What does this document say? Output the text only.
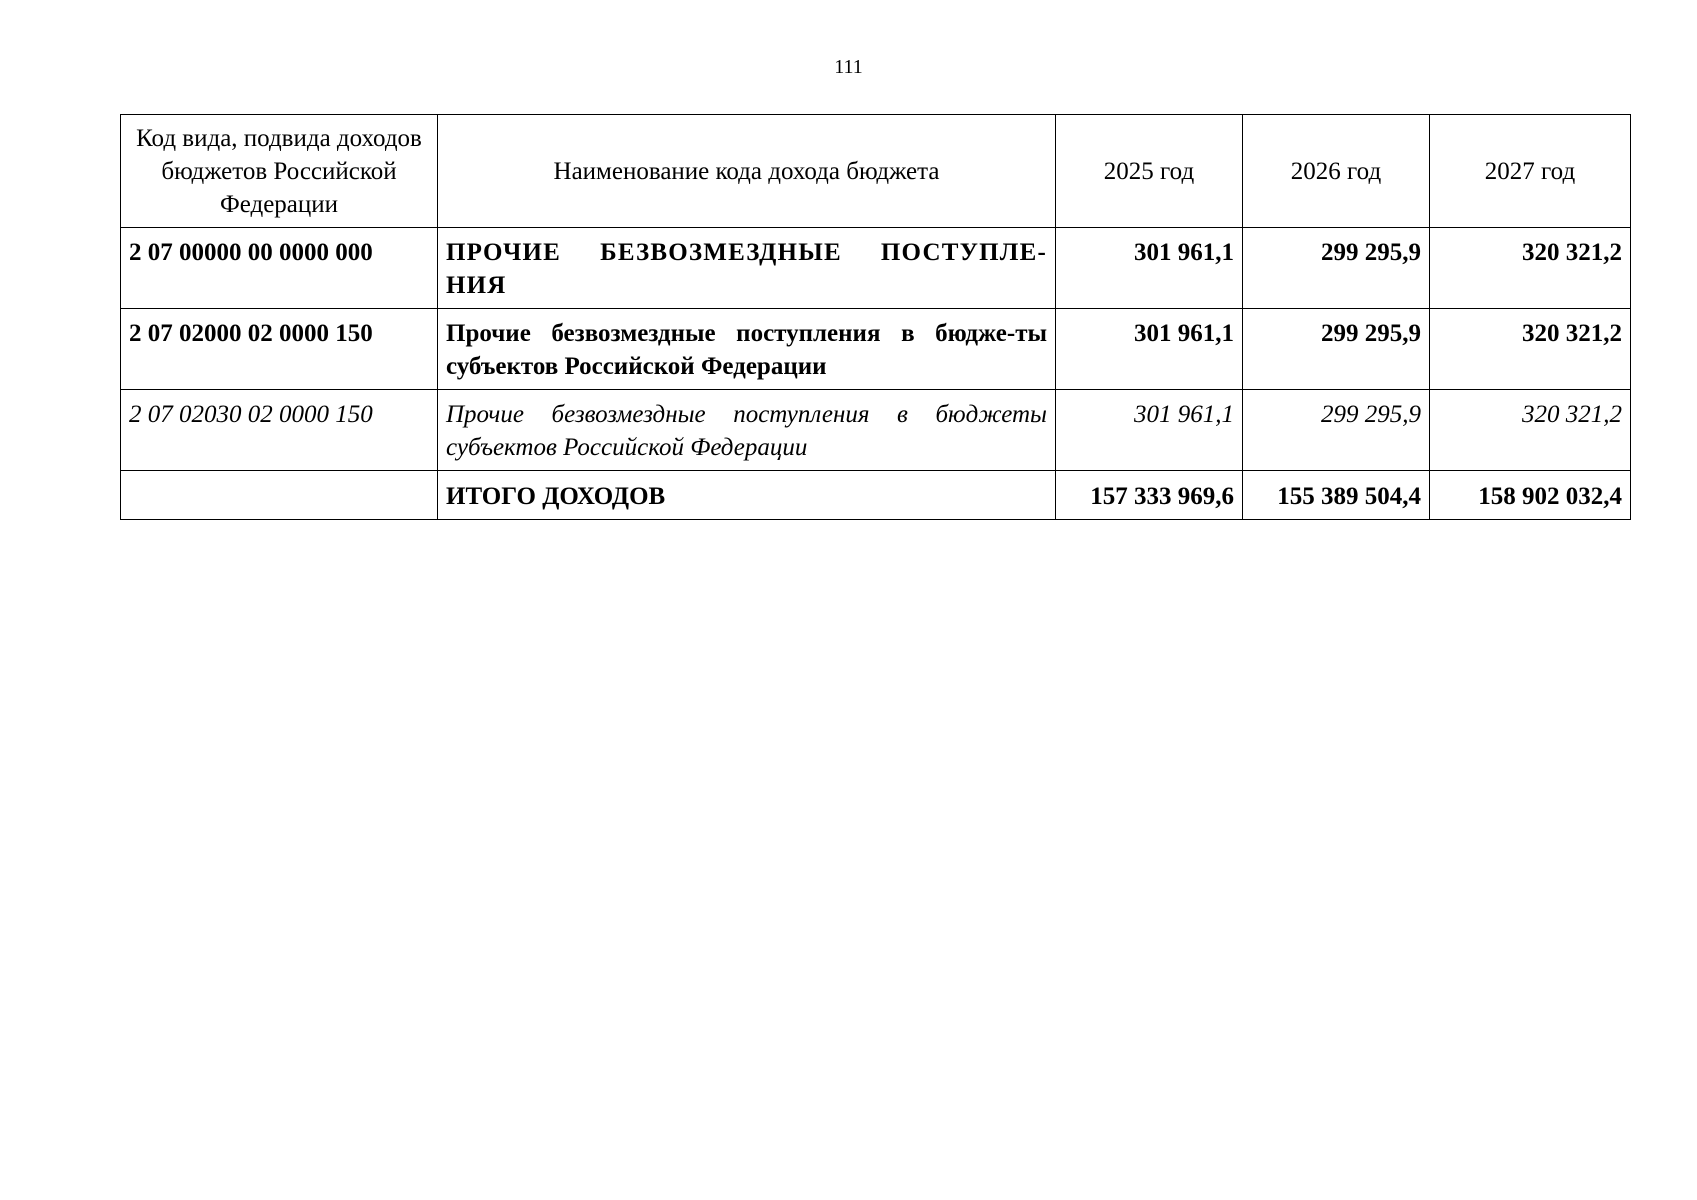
111
Код вида, подвида доходов бюджетов Российской Федерации	Наименование кода дохода бюджета	2025 год	2026 год	2027 год
2 07 00000 00 0000 000	ПРОЧИЕ БЕЗВОЗМЕЗДНЫЕ ПОСТУПЛЕ-НИЯ	301 961,1	299 295,9	320 321,2
2 07 02000 02 0000 150	Прочие безвозмездные поступления в бюдже-ты субъектов Российской Федерации	301 961,1	299 295,9	320 321,2
2 07 02030 02 0000 150	Прочие безвозмездные поступления в бюджеты субъектов Российской Федерации	301 961,1	299 295,9	320 321,2
	ИТОГО ДОХОДОВ	157 333 969,6	155 389 504,4	158 902 032,4
